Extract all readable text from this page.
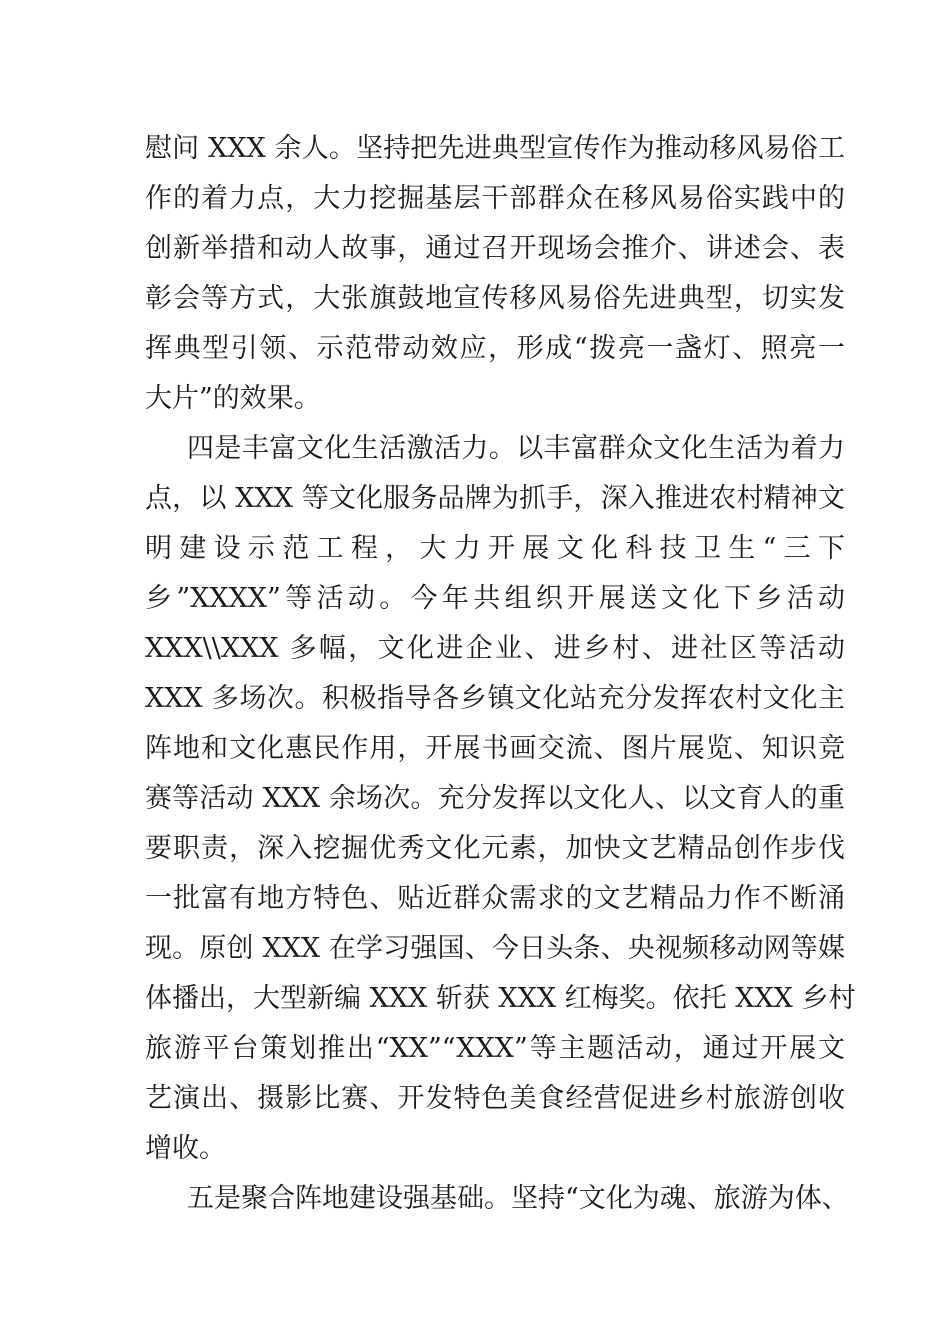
慰问 XXX 余人。坚持把先进典型宣传作为推动移风易俗工
作的着力点，大力挖掘基层干部群众在移风易俗实践中的
创新举措和动人故事，通过召开现场会推介、讲述会、表
彰会等方式，大张旗鼓地宣传移风易俗先进典型，切实发
挥典型引领、示范带动效应，形成“拨亮一盏灯、照亮一
大片”的效果。
四是丰富文化生活激活力。以丰富群众文化生活为着力
点，以 XXX 等文化服务品牌为抓手，深入推进农村精神文
明建设示范工程，大力开展文化科技卫生“三下
乡”XXXX”等活动。今年共组织开展送文化下乡活动
XXX\\XXX 多幅，文化进企业、进乡村、进社区等活动
XXX 多场次。积极指导各乡镇文化站充分发挥农村文化主
阵地和文化惠民作用，开展书画交流、图片展览、知识竞
赛等活动 XXX 余场次。充分发挥以文化人、以文育人的重
要职责，深入挖掘优秀文化元素，加快文艺精品创作步伐
一批富有地方特色、贴近群众需求的文艺精品力作不断涌
现。原创 XXX 在学习强国、今日头条、央视频移动网等媒
体播出，大型新编 XXX 斩获 XXX 红梅奖。依托 XXX 乡村
旅游平台策划推出“XX”“XXX”等主题活动，通过开展文
艺演出、摄影比赛、开发特色美食经营促进乡村旅游创收
增收。
五是聚合阵地建设强基础。坚持“文化为魂、旅游为体、
